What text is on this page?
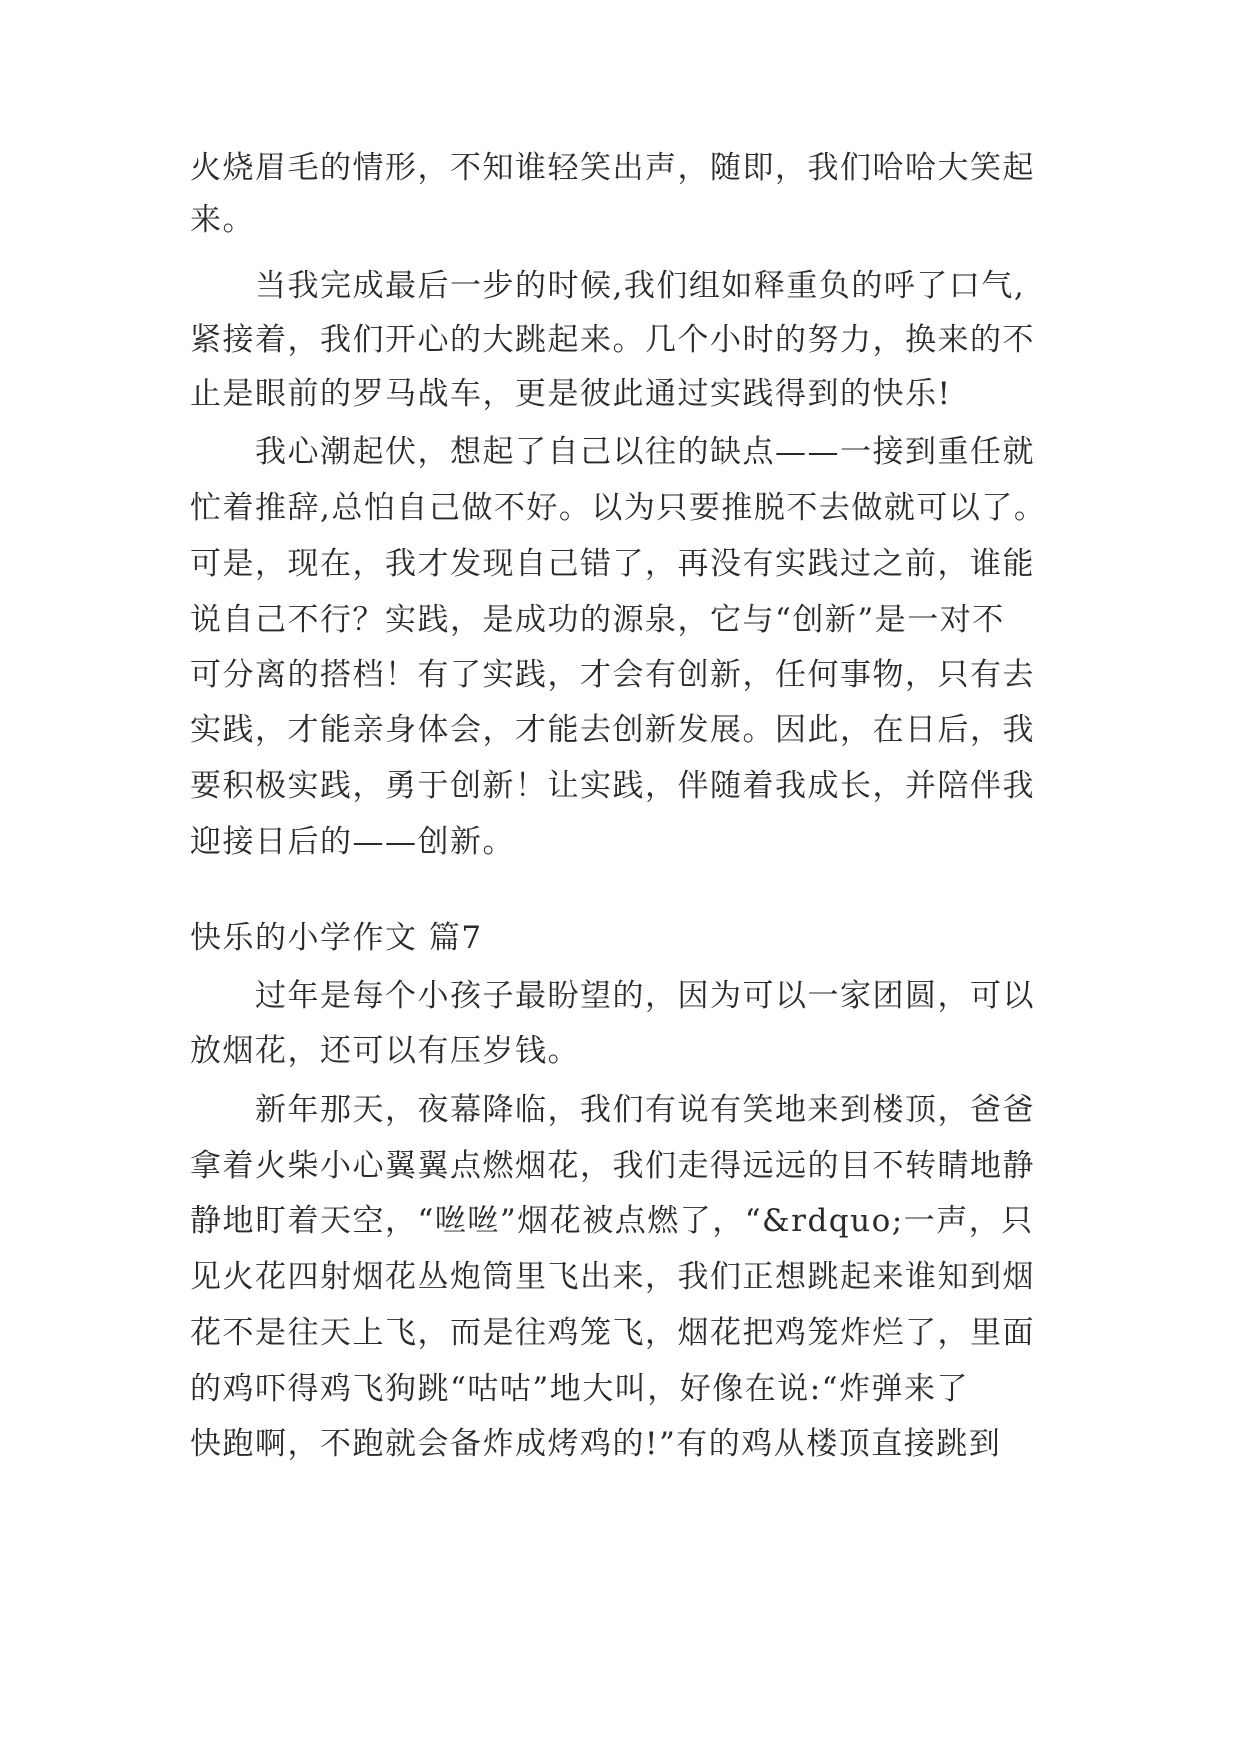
火烧眉毛的情形，不知谁轻笑出声，随即，我们哈哈大笑起

来。

　　当我完成最后一步的时候,我们组如释重负的呼了口气,

紧接着，我们开心的大跳起来。几个小时的努力，换来的不

止是眼前的罗马战车，更是彼此通过实践得到的快乐!

　　我心潮起伏，想起了自己以往的缺点——一接到重任就

忙着推辞,总怕自己做不好。以为只要推脱不去做就可以了。

可是，现在，我才发现自己错了，再没有实践过之前，谁能

说自己不行？实践，是成功的源泉，它与“创新”是一对不

可分离的搭档！有了实践，才会有创新，任何事物，只有去

实践，才能亲身体会，才能去创新发展。因此，在日后，我

要积极实践，勇于创新！让实践，伴随着我成长，并陪伴我

迎接日后的——创新。

快乐的小学作文 篇7

　　过年是每个小孩子最盼望的，因为可以一家团圆，可以

放烟花，还可以有压岁钱。

　　新年那天，夜幕降临，我们有说有笑地来到楼顶，爸爸

拿着火柴小心翼翼点燃烟花，我们走得远远的目不转睛地静

静地盯着天空，“咝咝”烟花被点燃了，“&rdquo;一声，只

见火花四射烟花丛炮筒里飞出来，我们正想跳起来谁知到烟

花不是往天上飞，而是往鸡笼飞，烟花把鸡笼炸烂了，里面

的鸡吓得鸡飞狗跳“咕咕”地大叫，好像在说:“炸弹来了

快跑啊，不跑就会备炸成烤鸡的!”有的鸡从楼顶直接跳到
